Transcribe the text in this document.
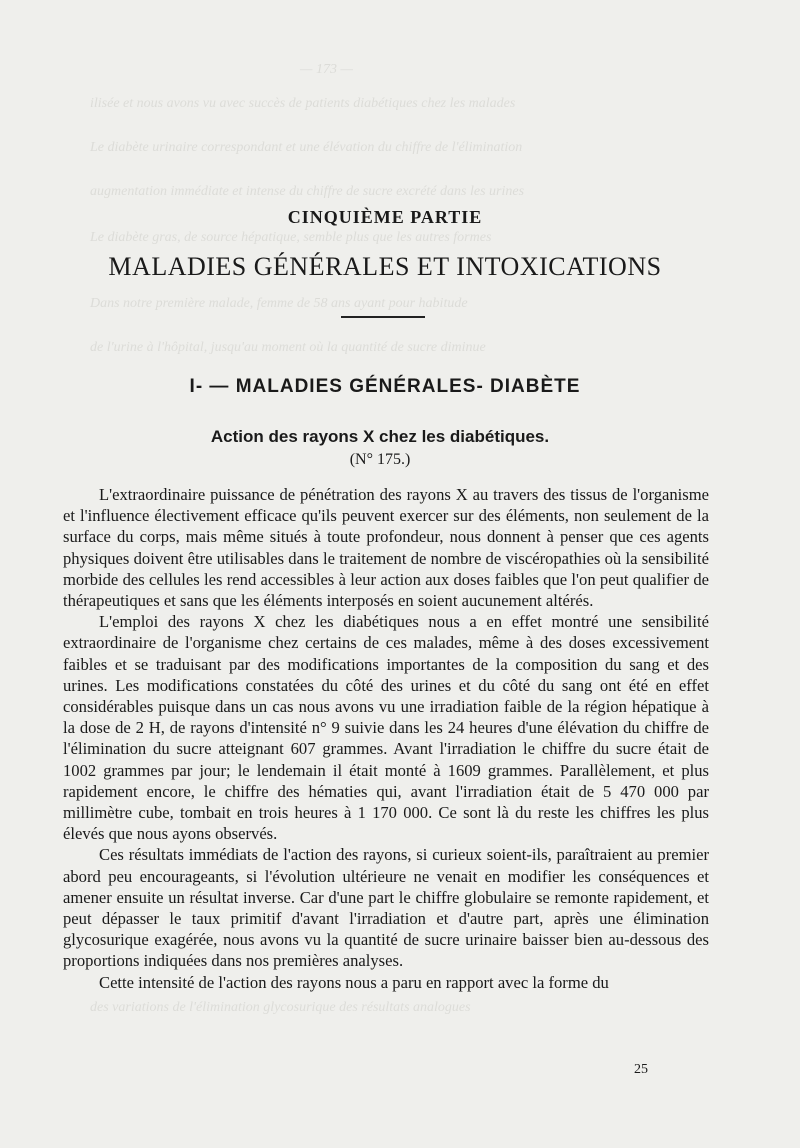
— 173 —
ilisée et nous avons vu avec succès de patients diabétiques chez les malades
Le diabète urinaire correspondant et une élévation du chiffre de l'élimination
augmentation immédiate et intense du chiffre de sucre excrété dans les urines
Le diabète gras, de source hépatique, semble plus que les autres formes
Dans notre première malade, femme de 58 ans ayant pour habitude
de l'urine à l'hôpital, jusqu'au moment où la quantité de sucre diminue
des variations de l'élimination glycosurique des résultats analogues
CINQUIÈME PARTIE
MALADIES GÉNÉRALES ET INTOXICATIONS
I- — MALADIES GÉNÉRALES- DIABÈTE
Action des rayons X chez les diabétiques.
(N° 175.)

L'extraordinaire puissance de pénétration des rayons X au travers des tissus de l'organisme et l'influence électivement efficace qu'ils peuvent exercer sur des éléments, non seulement de la surface du corps, mais même situés à toute profondeur, nous donnent à penser que ces agents physiques doivent être utilisables dans le traitement de nombre de viscéropathies où la sensibilité morbide des cellules les rend accessibles à leur action aux doses faibles que l'on peut qualifier de thérapeutiques et sans que les éléments interposés en soient aucunement altérés.

L'emploi des rayons X chez les diabétiques nous a en effet montré une sensibilité extraordinaire de l'organisme chez certains de ces malades, même à des doses excessivement faibles et se traduisant par des modifications importantes de la composition du sang et des urines. Les modifications constatées du côté des urines et du côté du sang ont été en effet considérables puisque dans un cas nous avons vu une irradiation faible de la région hépatique à la dose de 2 H, de rayons d'intensité n° 9 suivie dans les 24 heures d'une élévation du chiffre de l'élimination du sucre atteignant 607 grammes. Avant l'irradiation le chiffre du sucre était de 1002 grammes par jour; le lendemain il était monté à 1609 grammes. Parallèlement, et plus rapidement encore, le chiffre des hématies qui, avant l'irradiation était de 5 470 000 par millimètre cube, tombait en trois heures à 1 170 000. Ce sont là du reste les chiffres les plus élevés que nous ayons observés.

Ces résultats immédiats de l'action des rayons, si curieux soient-ils, paraîtraient au premier abord peu encourageants, si l'évolution ultérieure ne venait en modifier les conséquences et amener ensuite un résultat inverse. Car d'une part le chiffre globulaire se remonte rapidement, et peut dépasser le taux primitif d'avant l'irradiation et d'autre part, après une élimination glycosurique exagérée, nous avons vu la quantité de sucre urinaire baisser bien au-dessous des proportions indiquées dans nos premières analyses.

Cette intensité de l'action des rayons nous a paru en rapport avec la forme du

25
